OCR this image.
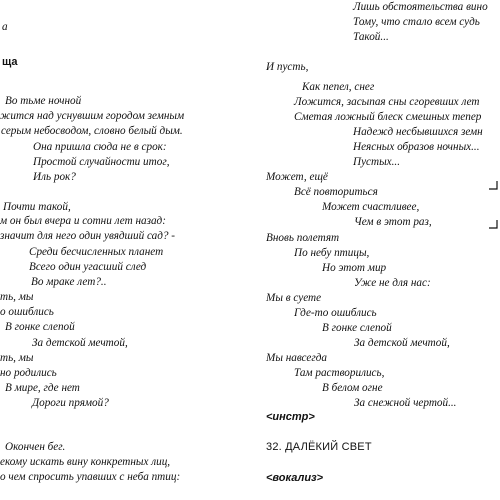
а
ща
Во тьме ночной
жится над уснувшим городом земным
серым небосводом, словно белый дым.
Она пришла сюда не в срок:
Простой случайности итог,
Иль рок?
Почти такой,
м он был вчера и сотни лет назад:
значит для него один увядший сад? -
Среди бесчисленных планет
Всего один угасший след
Во мраке лет?..
ть, мы
о ошиблись
В гонке слепой
За детской мечтой,
ть, мы
но родились
В мире, где нет
Дороги прямой?
Окончен бег.
екому искать вину конкретных лиц,
о чем спросить упавших с неба птиц:
Лишь обстоятельства вино
Тому, что стало всем судь
Такой...
И пусть,
Как пепел, снег
Ложится, засыпая сны сгоревших лет
Сметая ложный блеск смешных тепер
Надежд несбывшихся земн
Неясных образов ночных...
Пустых...
Может, ещё
Всё повториться
Может счастливее,
Чем в этот раз,
Вновь полетят
По небу птицы,
Но этот мир
Уже не для нас:
Мы в суете
Где-то ошиблись
В гонке слепой
За детской мечтой,
Мы навсегда
Там растворились,
В белом огне
За снежной чертой...
<инстр>
32. ДАЛЁКИЙ СВЕТ
<вокализ>
